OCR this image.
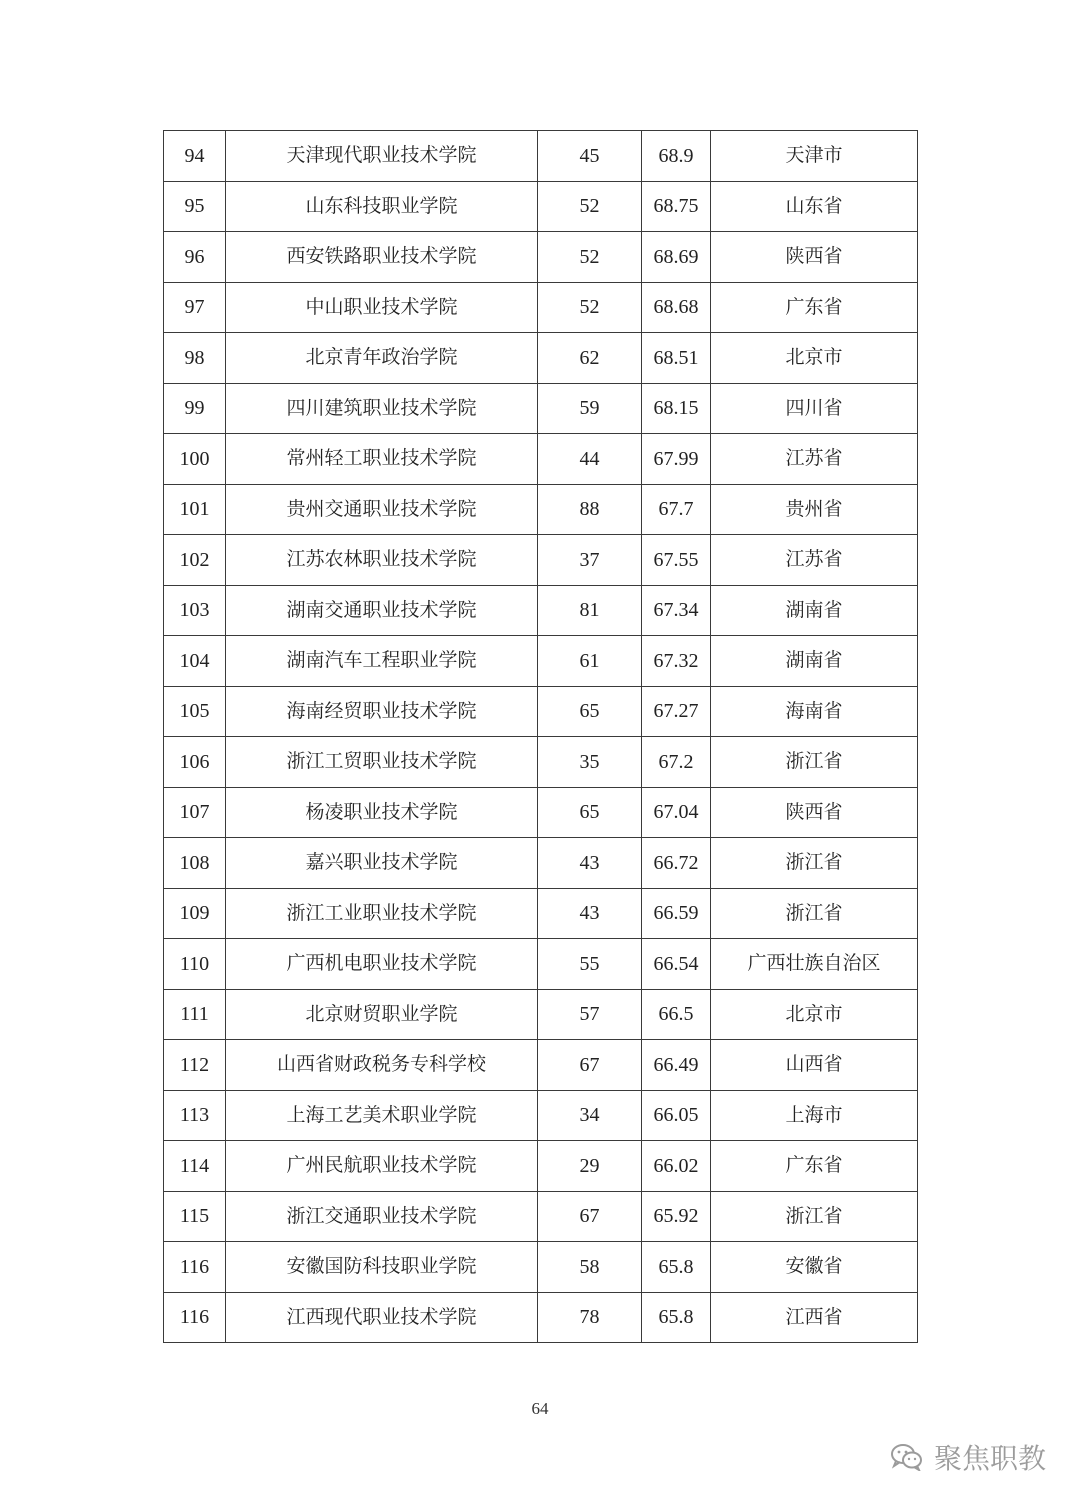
94	天津现代职业技术学院	45	68.9	天津市
95	山东科技职业学院	52	68.75	山东省
96	西安铁路职业技术学院	52	68.69	陕西省
97	中山职业技术学院	52	68.68	广东省
98	北京青年政治学院	62	68.51	北京市
99	四川建筑职业技术学院	59	68.15	四川省
100	常州轻工职业技术学院	44	67.99	江苏省
101	贵州交通职业技术学院	88	67.7	贵州省
102	江苏农林职业技术学院	37	67.55	江苏省
103	湖南交通职业技术学院	81	67.34	湖南省
104	湖南汽车工程职业学院	61	67.32	湖南省
105	海南经贸职业技术学院	65	67.27	海南省
106	浙江工贸职业技术学院	35	67.2	浙江省
107	杨凌职业技术学院	65	67.04	陕西省
108	嘉兴职业技术学院	43	66.72	浙江省
109	浙江工业职业技术学院	43	66.59	浙江省
110	广西机电职业技术学院	55	66.54	广西壮族自治区
111	北京财贸职业学院	57	66.5	北京市
112	山西省财政税务专科学校	67	66.49	山西省
113	上海工艺美术职业学院	34	66.05	上海市
114	广州民航职业技术学院	29	66.02	广东省
115	浙江交通职业技术学院	67	65.92	浙江省
116	安徽国防科技职业学院	58	65.8	安徽省
116	江西现代职业技术学院	78	65.8	江西省
64
聚焦职教
